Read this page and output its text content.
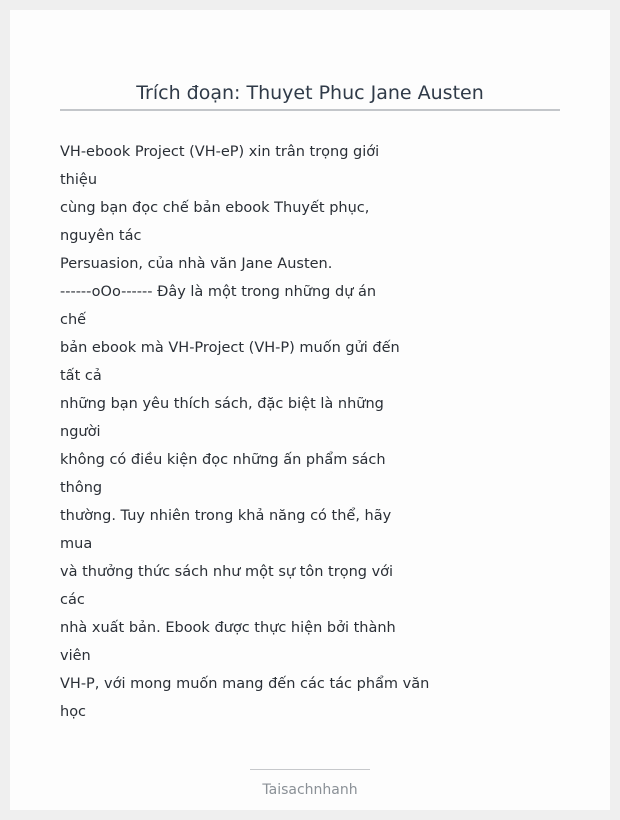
Trích đoạn: Thuyet Phuc Jane Austen
VH-ebook Project (VH-eP) xin trân trọng giới
thiệu
cùng bạn đọc chế bản ebook Thuyết phục,
nguyên tác
Persuasion, của nhà văn Jane Austen.
------oOo------ Đây là một trong những dự án
chế
bản ebook mà VH-Project (VH-P) muốn gửi đến
tất cả
những bạn yêu thích sách, đặc biệt là những
người
không có điều kiện đọc những ấn phẩm sách
thông
thường. Tuy nhiên trong khả năng có thể, hãy
mua
và thưởng thức sách như một sự tôn trọng với
các
nhà xuất bản. Ebook được thực hiện bởi thành
viên
VH-P, với mong muốn mang đến các tác phẩm văn
học
Taisachnhanh
